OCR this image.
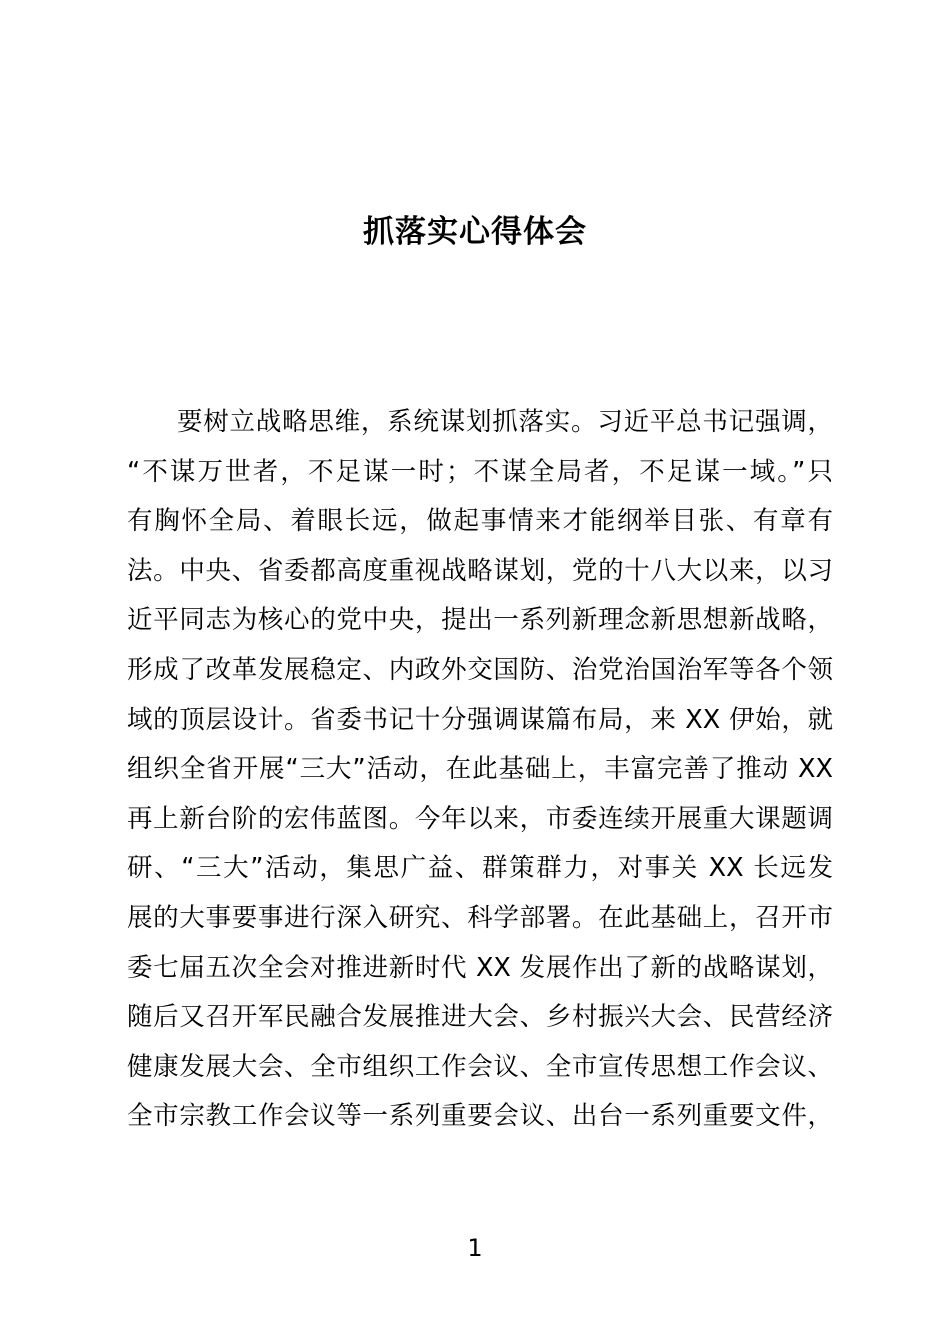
抓落实心得体会
要树立战略思维，系统谋划抓落实。习近平总书记强调，
“不谋万世者，不足谋一时；不谋全局者，不足谋一域。”只
有胸怀全局、着眼长远，做起事情来才能纲举目张、有章有
法。中央、省委都高度重视战略谋划，党的十八大以来，以习
近平同志为核心的党中央，提出一系列新理念新思想新战略，
形成了改革发展稳定、内政外交国防、治党治国治军等各个领
域的顶层设计。省委书记十分强调谋篇布局，来 XX 伊始，就
组织全省开展“三大”活动，在此基础上，丰富完善了推动 XX
再上新台阶的宏伟蓝图。今年以来，市委连续开展重大课题调
研、“三大”活动，集思广益、群策群力，对事关 XX 长远发
展的大事要事进行深入研究、科学部署。在此基础上，召开市
委七届五次全会对推进新时代 XX 发展作出了新的战略谋划，
随后又召开军民融合发展推进大会、乡村振兴大会、民营经济
健康发展大会、全市组织工作会议、全市宣传思想工作会议、
全市宗教工作会议等一系列重要会议、出台一系列重要文件，
1
